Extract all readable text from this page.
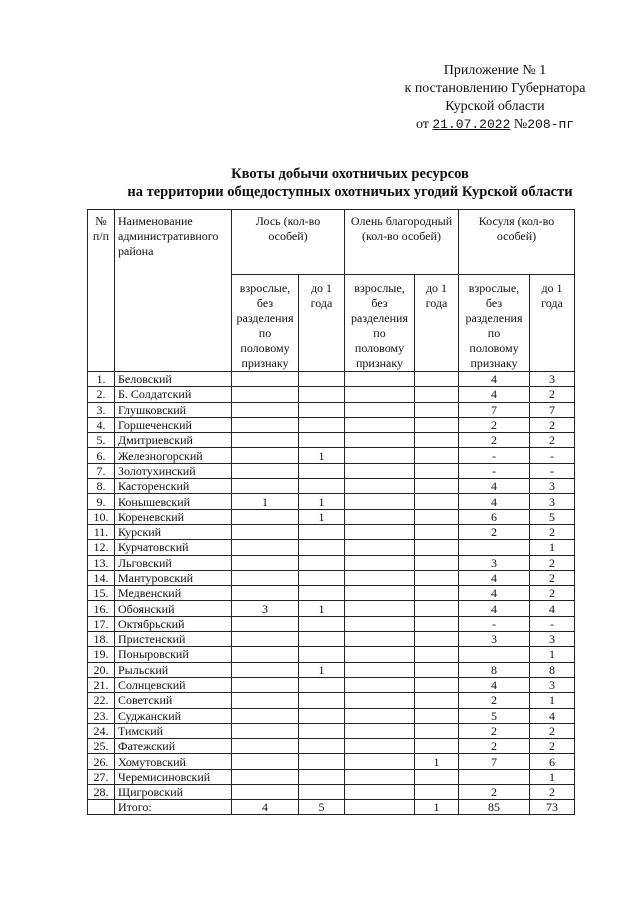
Приложение № 1
к постановлению Губернатора
Курской области
от 21.07.2022 №208-пг
Квоты добычи охотничьих ресурсов
на территории общедоступных охотничьих угодий Курской области
№ п/п	Наименование административного района	Лось (кол-во особей)		Олень благородный (кол-во особей)		Косуля (кол-во особей)	
		взрослые, без разделения по половому признаку	до 1 года	взрослые, без разделения по половому признаку	до 1 года	взрослые, без разделения по половому признаку	до 1 года
1.	Беловский					4	3
2.	Б. Солдатский					4	2
3.	Глушковский					7	7
4.	Горшеченский					2	2
5.	Дмитриевский					2	2
6.	Железногорский		1			-	-
7.	Золотухинский					-	-
8.	Касторенский					4	3
9.	Конышевский	1	1			4	3
10.	Кореневский		1			6	5
11.	Курский					2	2
12.	Курчатовский						1
13.	Льговский					3	2
14.	Мантуровский					4	2
15.	Медвенский					4	2
16.	Обоянский	3	1			4	4
17.	Октябрьский					-	-
18.	Пристенский					3	3
19.	Поныровский						1
20.	Рыльский		1			8	8
21.	Солнцевский					4	3
22.	Советский					2	1
23.	Суджанский					5	4
24.	Тимский					2	2
25.	Фатежский					2	2
26.	Хомутовский				1	7	6
27.	Черемисиновский						1
28.	Щигровский					2	2
	Итого:	4	5		1	85	73
